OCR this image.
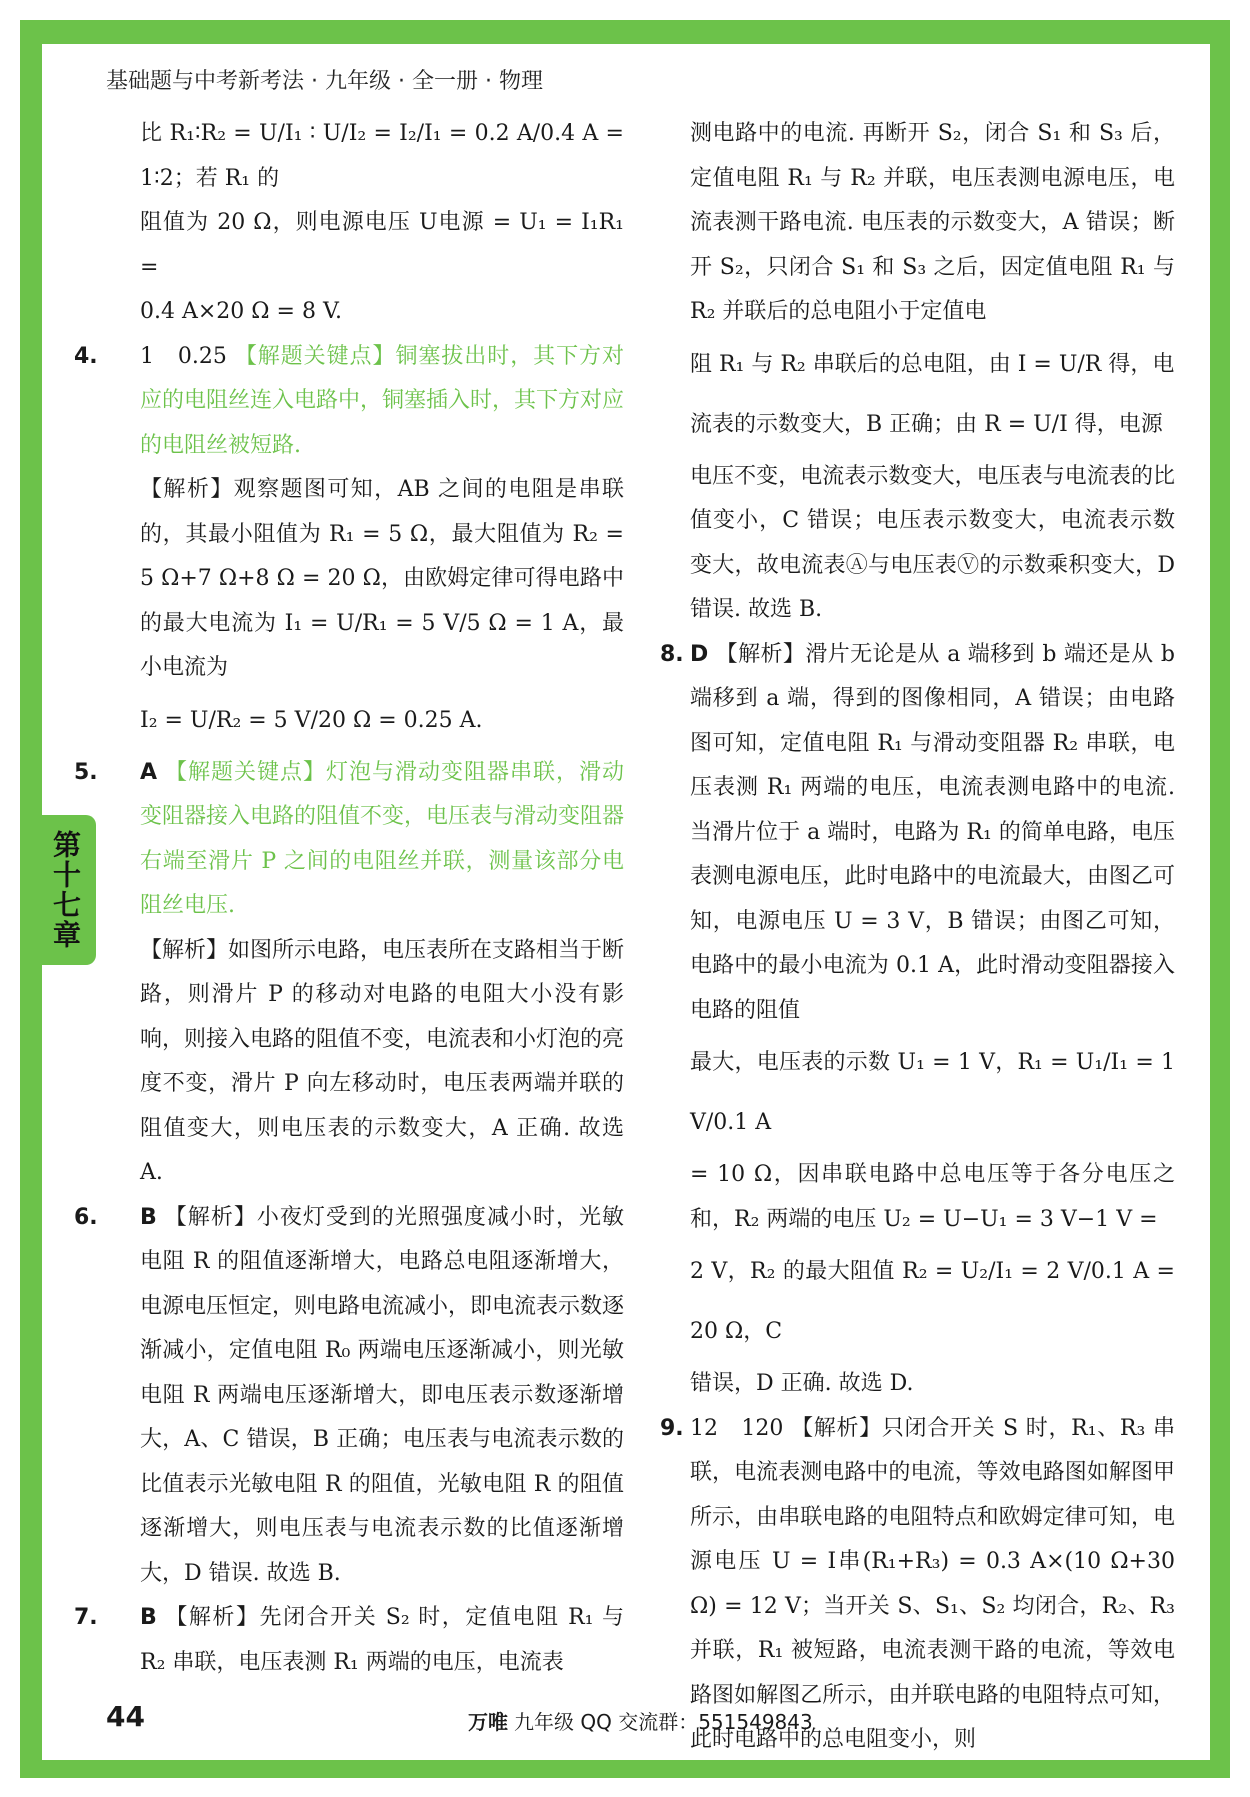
基础题与中考新考法 · 九年级 · 全一册 · 物理
第十七章

比 R₁∶R₂ = U/I₁ ∶ U/I₂ = I₂/I₁ = 0.2 A/0.4 A = 1∶2；若 R₁ 的

阻值为 20 Ω，则电源电压 U电源 = U₁ = I₁R₁ =

0.4 A×20 Ω = 8 V.

4. 1　0.25 【解题关键点】铜塞拔出时，其下方对应的电阻丝连入电路中，铜塞插入时，其下方对应的电阻丝被短路.

【解析】观察题图可知，AB 之间的电阻是串联的，其最小阻值为 R₁ = 5 Ω，最大阻值为 R₂ = 5 Ω+7 Ω+8 Ω = 20 Ω，由欧姆定律可得电路中的最大电流为 I₁ = U/R₁ = 5 V/5 Ω = 1 A，最小电流为

I₂ = U/R₂ = 5 V/20 Ω = 0.25 A.

5. A 【解题关键点】灯泡与滑动变阻器串联，滑动变阻器接入电路的阻值不变，电压表与滑动变阻器右端至滑片 P 之间的电阻丝并联，测量该部分电阻丝电压.

【解析】如图所示电路，电压表所在支路相当于断路，则滑片 P 的移动对电路的电阻大小没有影响，则接入电路的阻值不变，电流表和小灯泡的亮度不变，滑片 P 向左移动时，电压表两端并联的阻值变大，则电压表的示数变大，A 正确. 故选 A.

6. B 【解析】小夜灯受到的光照强度减小时，光敏电阻 R 的阻值逐渐增大，电路总电阻逐渐增大，电源电压恒定，则电路电流减小，即电流表示数逐渐减小，定值电阻 R₀ 两端电压逐渐减小，则光敏电阻 R 两端电压逐渐增大，即电压表示数逐渐增大，A、C 错误，B 正确；电压表与电流表示数的比值表示光敏电阻 R 的阻值，光敏电阻 R 的阻值逐渐增大，则电压表与电流表示数的比值逐渐增大，D 错误. 故选 B.
7. B 【解析】先闭合开关 S₂ 时，定值电阻 R₁ 与 R₂ 串联，电压表测 R₁ 两端的电压，电流表

测电路中的电流. 再断开 S₂，闭合 S₁ 和 S₃ 后，定值电阻 R₁ 与 R₂ 并联，电压表测电源电压，电流表测干路电流. 电压表的示数变大，A 错误；断开 S₂，只闭合 S₁ 和 S₃ 之后，因定值电阻 R₁ 与 R₂ 并联后的总电阻小于定值电

阻 R₁ 与 R₂ 串联后的总电阻，由 I = U/R 得，电

流表的示数变大，B 正确；由 R = U/I 得，电源

电压不变，电流表示数变大，电压表与电流表的比值变小，C 错误；电压表示数变大，电流表示数变大，故电流表Ⓐ与电压表Ⓥ的示数乘积变大，D 错误. 故选 B.

8. D 【解析】滑片无论是从 a 端移到 b 端还是从 b 端移到 a 端，得到的图像相同，A 错误；由电路图可知，定值电阻 R₁ 与滑动变阻器 R₂ 串联，电压表测 R₁ 两端的电压，电流表测电路中的电流. 当滑片位于 a 端时，电路为 R₁ 的简单电路，电压表测电源电压，此时电路中的电流最大，由图乙可知，电源电压 U = 3 V，B 错误；由图乙可知，电路中的最小电流为 0.1 A，此时滑动变阻器接入电路的阻值

最大，电压表的示数 U₁ = 1 V，R₁ = U₁/I₁ = 1 V/0.1 A

= 10 Ω，因串联电路中总电压等于各分电压之和，R₂ 两端的电压 U₂ = U−U₁ = 3 V−1 V =

2 V，R₂ 的最大阻值 R₂ = U₂/I₁ = 2 V/0.1 A = 20 Ω，C

错误，D 正确. 故选 D.

9. 12　120 【解析】只闭合开关 S 时，R₁、R₃ 串联，电流表测电路中的电流，等效电路图如解图甲所示，由串联电路的电阻特点和欧姆定律可知，电源电压 U = I串(R₁+R₃) = 0.3 A×(10 Ω+30 Ω) = 12 V；当开关 S、S₁、S₂ 均闭合，R₂、R₃ 并联，R₁ 被短路，电流表测干路的电流，等效电路图如解图乙所示，由并联电路的电阻特点可知，此时电路中的总电阻变小，则
44	万唯 九年级 QQ 交流群：551549843
